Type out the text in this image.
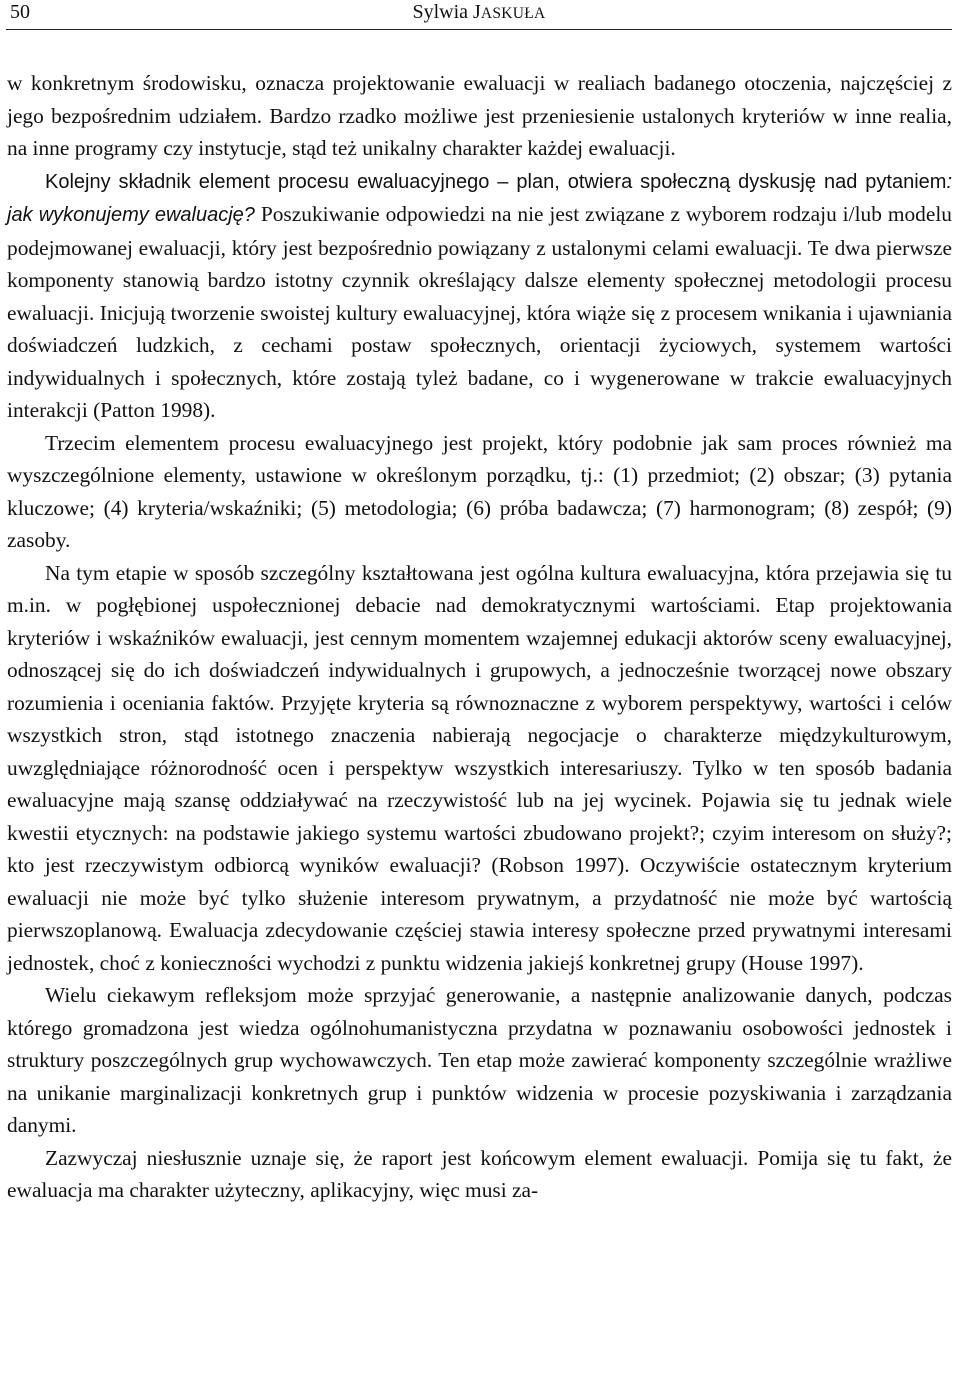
50	Sylwia JASKUŁA

w konkretnym środowisku, oznacza projektowanie ewaluacji w realiach badanego otoczenia, najczęściej z jego bezpośrednim udziałem. Bardzo rzadko możliwe jest przeniesienie ustalonych kryteriów w inne realia, na inne programy czy instytucje, stąd też unikalny charakter każdej ewaluacji.

Kolejny składnik element procesu ewaluacyjnego – plan, otwiera społeczną dyskusję nad pytaniem: jak wykonujemy ewaluację? Poszukiwanie odpowiedzi na nie jest związane z wyborem rodzaju i/lub modelu podejmowanej ewaluacji, który jest bezpośrednio powiązany z ustalonymi celami ewaluacji. Te dwa pierwsze komponenty stanowią bardzo istotny czynnik określający dalsze elementy społecznej metodologii procesu ewaluacji. Inicjują tworzenie swoistej kultury ewaluacyjnej, która wiąże się z procesem wnikania i ujawniania doświadczeń ludzkich, z cechami postaw społecznych, orientacji życiowych, systemem wartości indywidualnych i społecznych, które zostają tyleż badane, co i wygenerowane w trakcie ewaluacyjnych interakcji (Patton 1998).

Trzecim elementem procesu ewaluacyjnego jest projekt, który podobnie jak sam proces również ma wyszczególnione elementy, ustawione w określonym porządku, tj.: (1) przedmiot; (2) obszar; (3) pytania kluczowe; (4) kryteria/wskaźniki; (5) metodologia; (6) próba badawcza; (7) harmonogram; (8) zespół; (9) zasoby.

Na tym etapie w sposób szczególny kształtowana jest ogólna kultura ewaluacyjna, która przejawia się tu m.in. w pogłębionej uspołecznionej debacie nad demokratycznymi wartościami. Etap projektowania kryteriów i wskaźników ewaluacji, jest cennym momentem wzajemnej edukacji aktorów sceny ewaluacyjnej, odnoszącej się do ich doświadczeń indywidualnych i grupowych, a jednocześnie tworzącej nowe obszary rozumienia i oceniania faktów. Przyjęte kryteria są równoznaczne z wyborem perspektywy, wartości i celów wszystkich stron, stąd istotnego znaczenia nabierają negocjacje o charakterze międzykulturowym, uwzględniające różnorodność ocen i perspektyw wszystkich interesariuszy. Tylko w ten sposób badania ewaluacyjne mają szansę oddziaływać na rzeczywistość lub na jej wycinek. Pojawia się tu jednak wiele kwestii etycznych: na podstawie jakiego systemu wartości zbudowano projekt?; czyim interesom on służy?; kto jest rzeczywistym odbiorcą wyników ewaluacji? (Robson 1997). Oczywiście ostatecznym kryterium ewaluacji nie może być tylko służenie interesom prywatnym, a przydatność nie może być wartością pierwszoplanową. Ewaluacja zdecydowanie częściej stawia interesy społeczne przed prywatnymi interesami jednostek, choć z konieczności wychodzi z punktu widzenia jakiejś konkretnej grupy (House 1997).

Wielu ciekawym refleksjom może sprzyjać generowanie, a następnie analizowanie danych, podczas którego gromadzona jest wiedza ogólnohumanistyczna przydatna w poznawaniu osobowości jednostek i struktury poszczególnych grup wychowawczych. Ten etap może zawierać komponenty szczególnie wrażliwe na unikanie marginalizacji konkretnych grup i punktów widzenia w procesie pozyskiwania i zarządzania danymi.

Zazwyczaj niesłusznie uznaje się, że raport jest końcowym element ewaluacji. Pomija się tu fakt, że ewaluacja ma charakter użyteczny, aplikacyjny, więc musi za-
